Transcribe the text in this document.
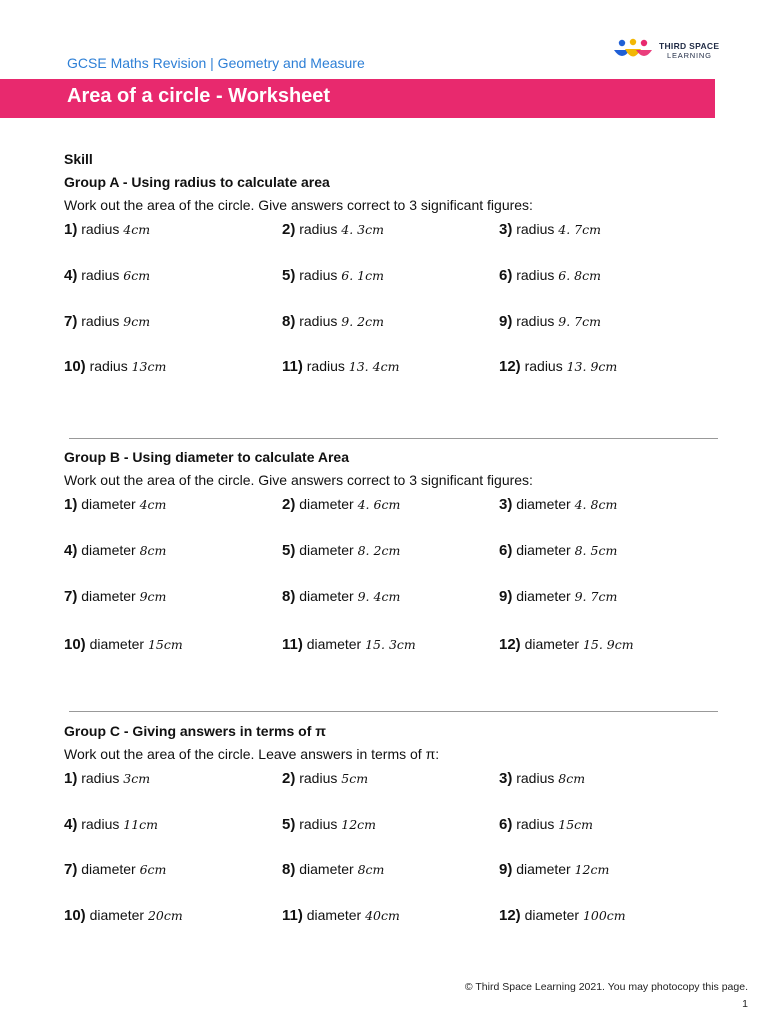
GCSE Maths Revision | Geometry and Measure
THIRD SPACE
LEARNING
Area of a circle - Worksheet
Skill
Group A - Using radius to calculate area
Work out the area of the circle. Give answers correct to 3 significant figures:
1) radius 4cm	2) radius 4. 3cm	3) radius 4. 7cm
4) radius 6cm	5) radius 6. 1cm	6) radius 6. 8cm
7) radius 9cm	8) radius 9. 2cm	9) radius 9. 7cm
10) radius 13cm	11) radius 13. 4cm	12) radius 13. 9cm
Group B - Using diameter to calculate Area
Work out the area of the circle. Give answers correct to 3 significant figures:
1) diameter 4cm	2) diameter 4. 6cm	3) diameter 4. 8cm
4) diameter 8cm	5) diameter 8. 2cm	6) diameter 8. 5cm
7) diameter 9cm	8) diameter 9. 4cm	9) diameter 9. 7cm
10) diameter 15cm	11) diameter 15. 3cm	12) diameter 15. 9cm
Group C - Giving answers in terms of π
Work out the area of the circle. Leave answers in terms of π:
1) radius 3cm	2) radius 5cm	3) radius 8cm
4) radius 11cm	5) radius 12cm	6) radius 15cm
7) diameter 6cm	8) diameter 8cm	9) diameter 12cm
10) diameter 20cm	11) diameter 40cm	12) diameter 100cm
© Third Space Learning 2021. You may photocopy this page.
1
